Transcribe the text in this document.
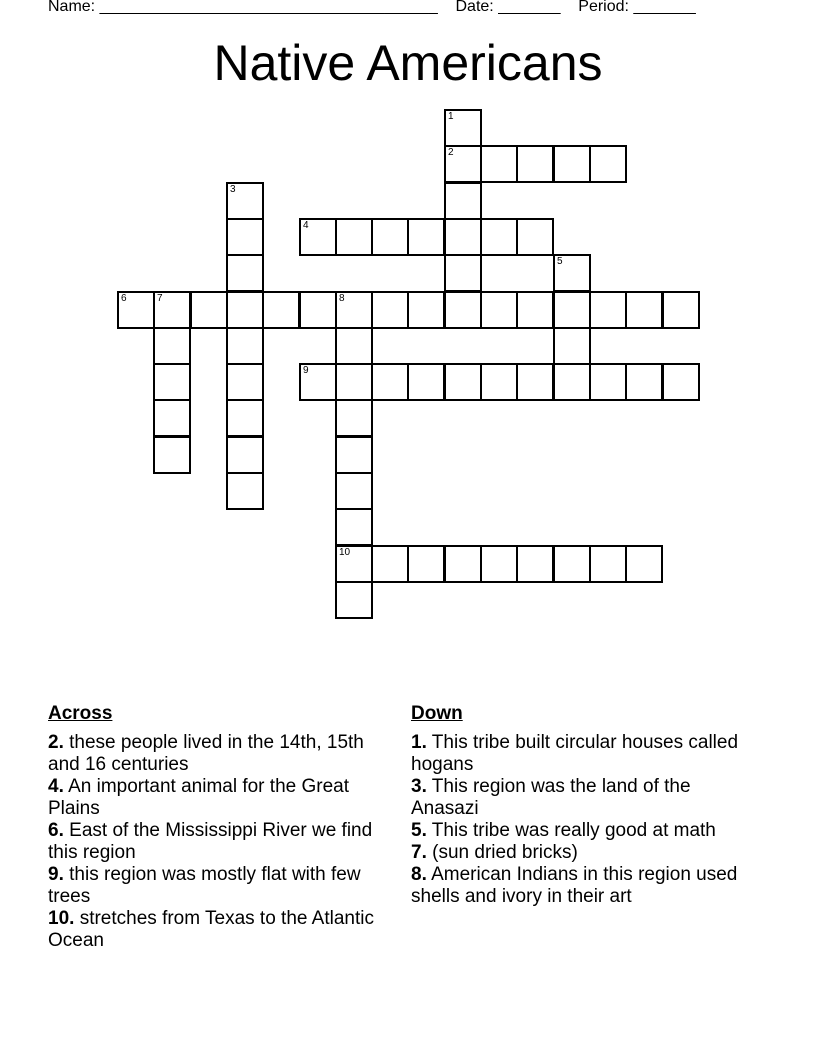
Name: ______________________________________ Date: _______ Period: _______
Native Americans
1
2
3
4
5
6	7	8
10
9
Across
2. these people lived in the 14th, 15th and 16 centuries
4. An important animal for the Great Plains
6. East of the Mississippi River we find this region
9. this region was mostly flat with few trees
10. stretches from Texas to the Atlantic Ocean
Down
1. This tribe built circular houses called hogans
3. This region was the land of the Anasazi
5. This tribe was really good at math
7. (sun dried bricks)
8. American Indians in this region used shells and ivory in their art
